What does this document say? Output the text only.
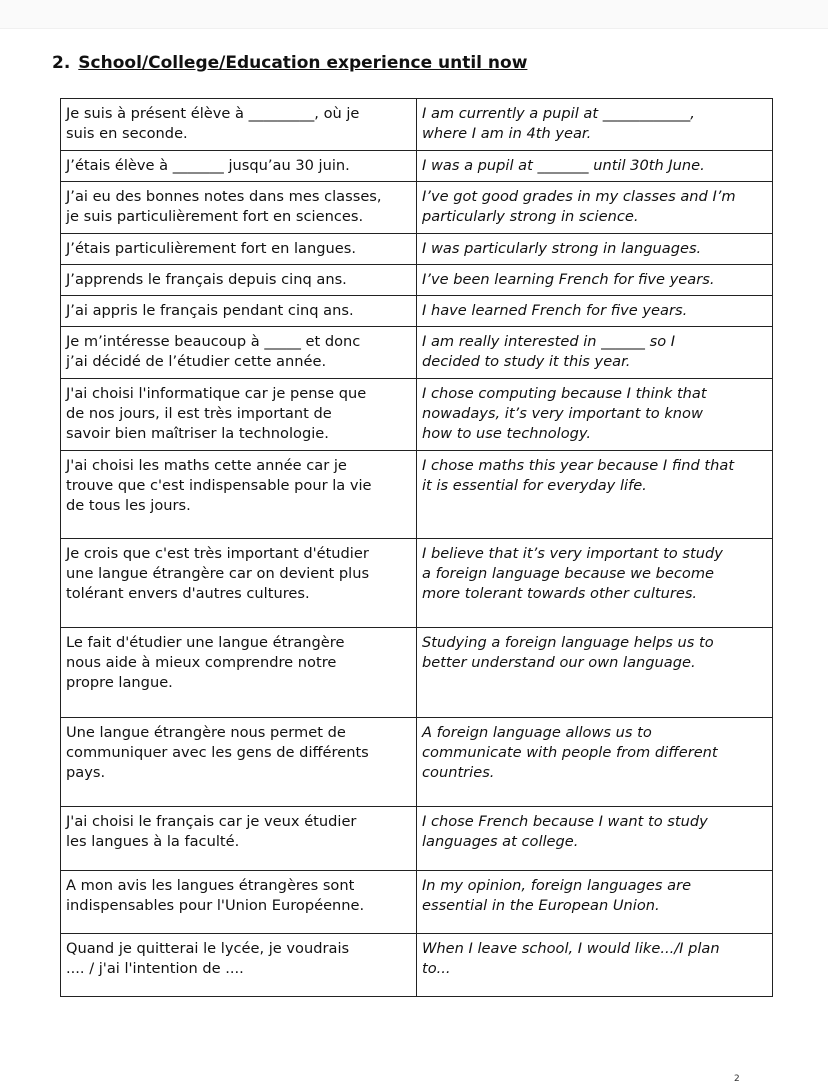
2. School/College/Education experience until now
Je suis à présent élève à _________, où je
suis en seconde.	I am currently a pupil at ____________,
where I am in 4th year.

J’étais élève à _______ jusqu’au 30 juin.	I was a pupil at _______ until 30th June.

J’ai eu des bonnes notes dans mes classes,
je suis particulièrement fort en sciences.	I’ve got good grades in my classes and I’m
particularly strong in science.

J’étais particulièrement fort en langues.	I was particularly strong in languages.

J’apprends le français depuis cinq ans.	I’ve been learning French for five years.

J’ai appris le français pendant cinq ans.	I have learned French for five years.

Je m’intéresse beaucoup à _____ et donc
j’ai décidé de l’étudier cette année.	I am really interested in ______ so I
decided to study it this year.

J'ai choisi l'informatique car je pense que
de nos jours, il est très important de
savoir bien maîtriser la technologie.	I chose computing because I think that
nowadays, it’s very important to know
how to use technology.

J'ai choisi les maths cette année car je
trouve que c'est indispensable pour la vie
de tous les jours.	I chose maths this year because I find that
it is essential for everyday life.

Je crois que c'est très important d'étudier
une langue étrangère car on devient plus
tolérant envers d'autres cultures.	I believe that it’s very important to study
a foreign language because we become
more tolerant towards other cultures.

Le fait d'étudier une langue étrangère
nous aide à mieux comprendre notre
propre langue.	Studying a foreign language helps us to
better understand our own language.

Une langue étrangère nous permet de
communiquer avec les gens de différents
pays.	A foreign language allows us to
communicate with people from different
countries.

J'ai choisi le français car je veux étudier
les langues à la faculté.	I chose French because I want to study
languages at college.

A mon avis les langues étrangères sont
indispensables pour l'Union Européenne.	In my opinion, foreign languages are
essential in the European Union.

Quand je quitterai le lycée, je voudrais
.... / j'ai l'intention de ....	When I leave school, I would like.../I plan
to...
2
